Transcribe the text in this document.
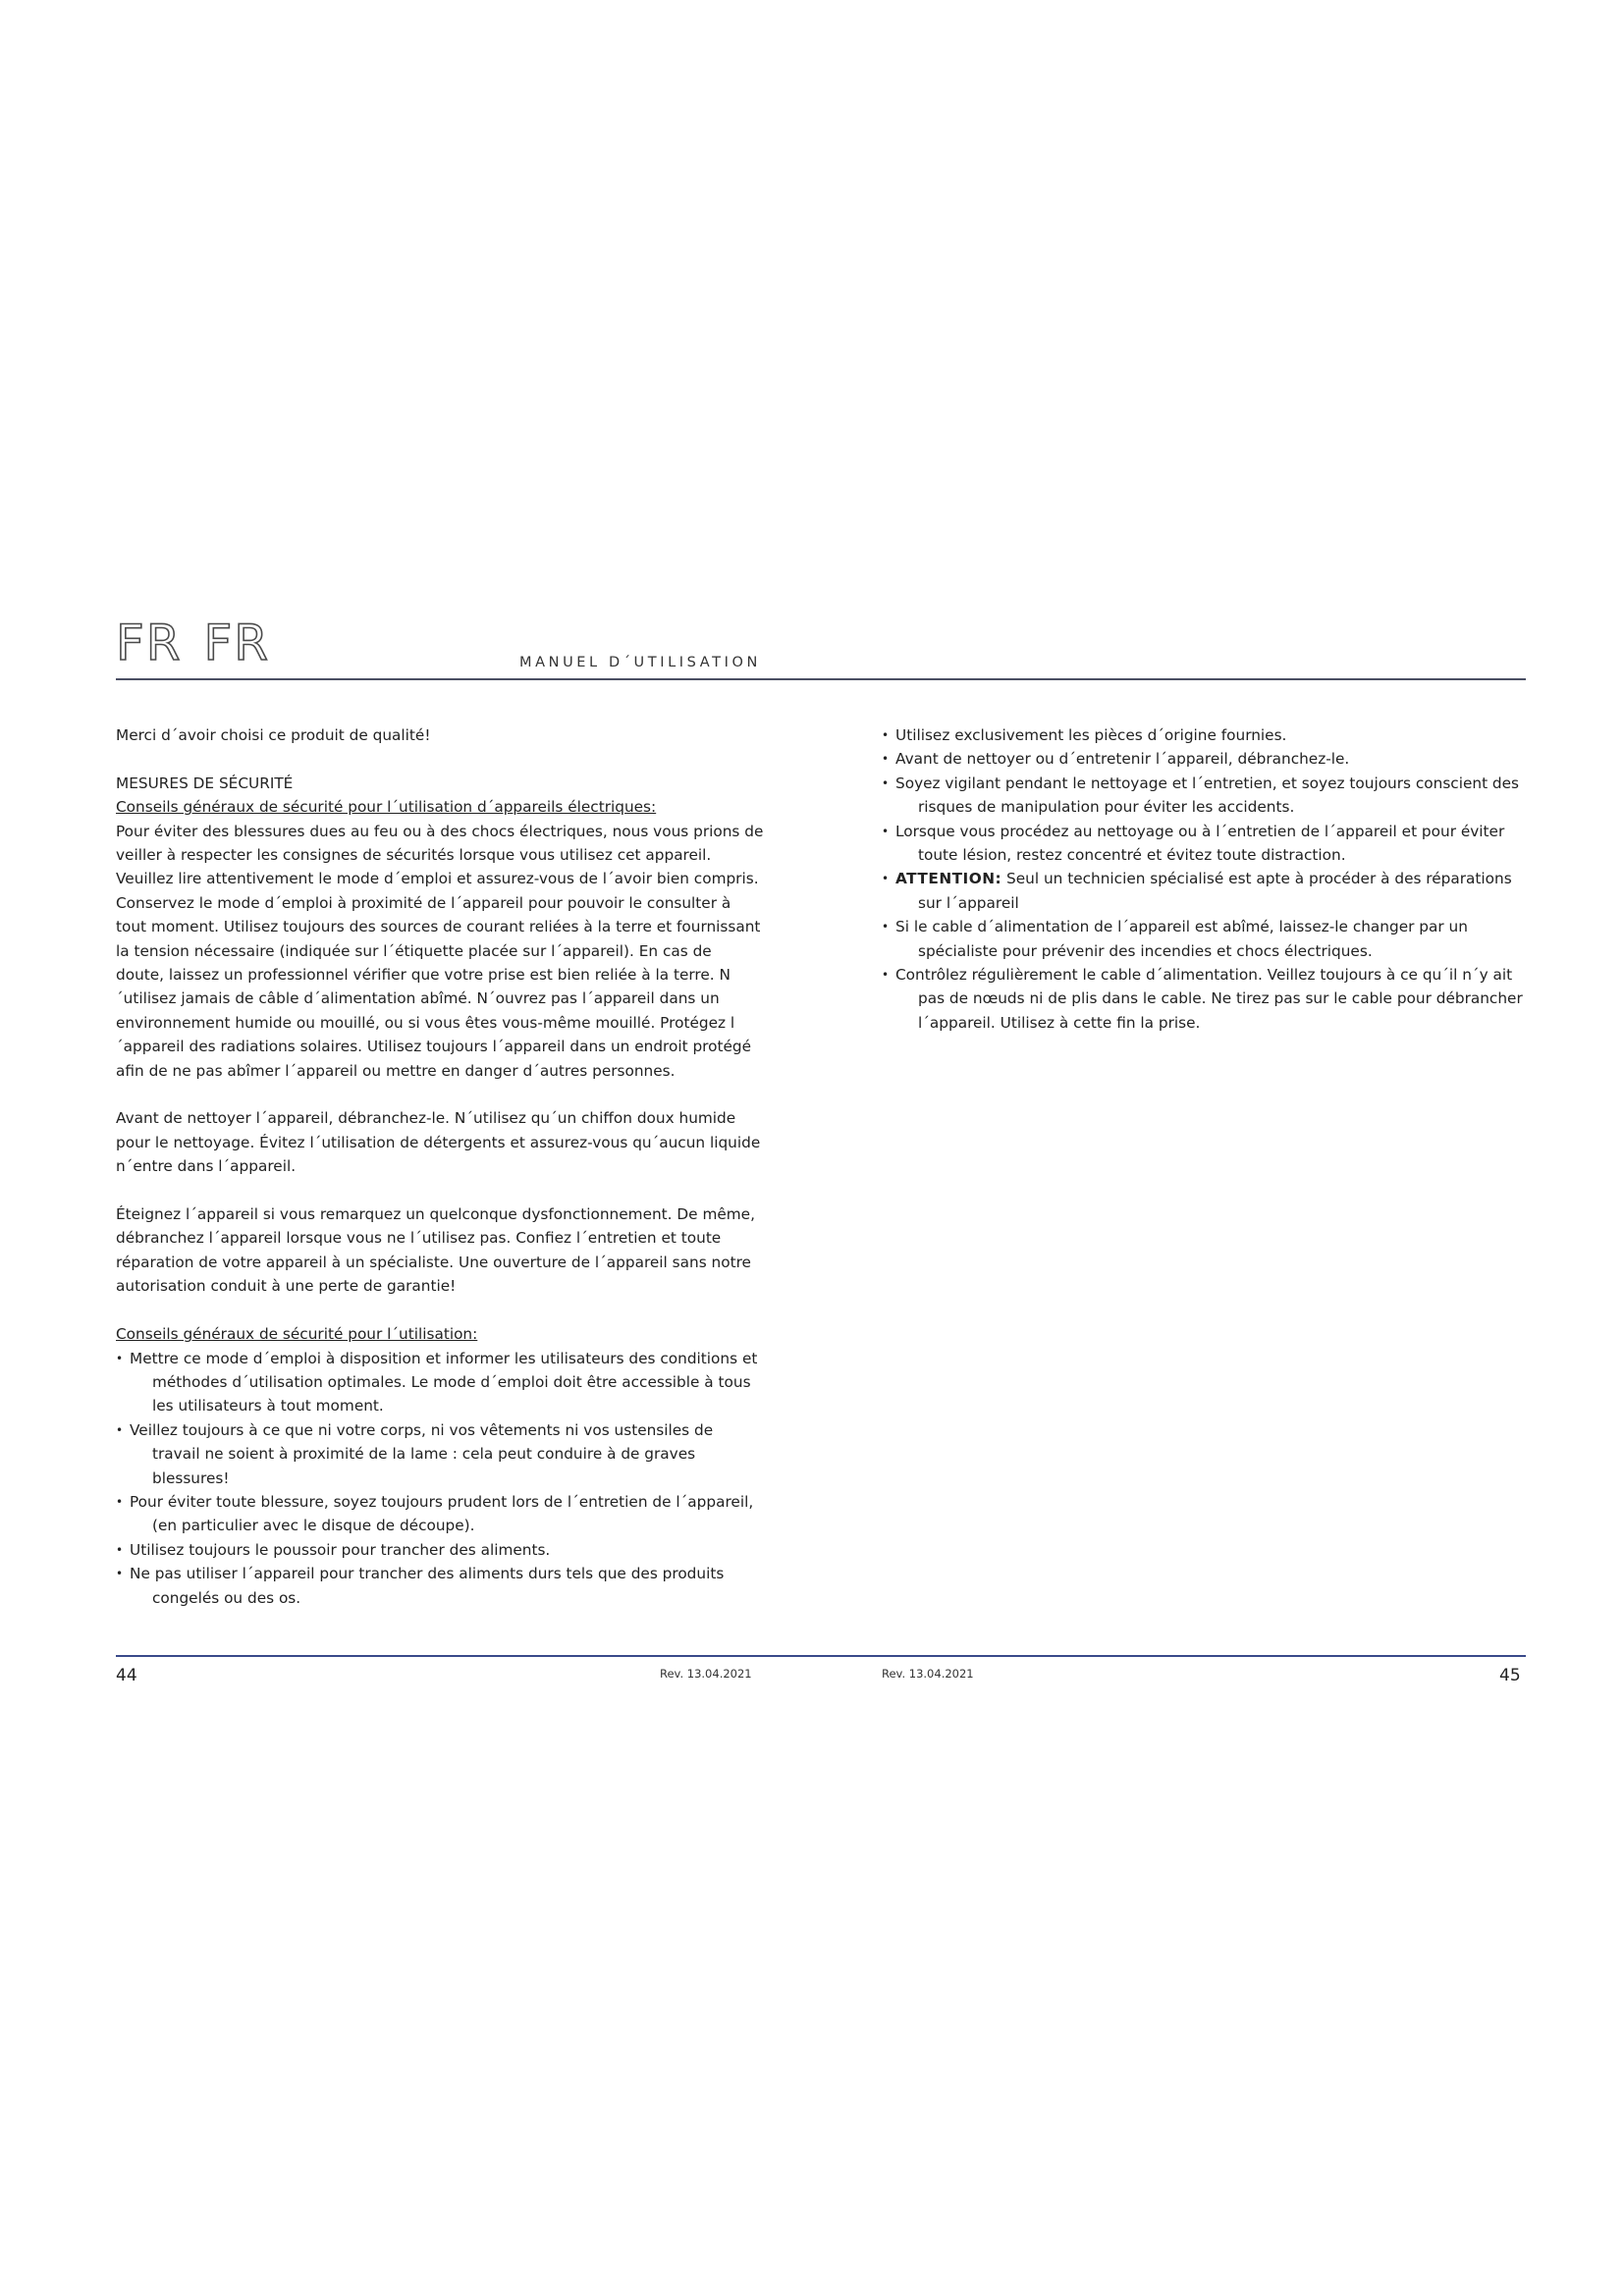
FR FR	MANUEL D´UTILISATION

Merci d´avoir choisi ce produit de qualité!

MESURES DE SÉCURITÉ

Conseils généraux de sécurité pour l´utilisation d´appareils électriques:

Pour éviter des blessures dues au feu ou à des chocs électriques, nous vous prions de veiller à respecter les consignes de sécurités lorsque vous utilisez cet appareil. Veuillez lire attentivement le mode d´emploi et assurez-vous de l´avoir bien compris. Conservez le mode d´emploi à proximité de l´appareil pour pouvoir le consulter à tout moment. Utilisez toujours des sources de courant reliées à la terre et fournissant la tension nécessaire (indiquée sur l´étiquette placée sur l´appareil). En cas de doute, laissez un professionnel vérifier que votre prise est bien reliée à la terre. N´utilisez jamais de câble d´alimentation abîmé. N´ouvrez pas l´appareil dans un environnement humide ou mouillé, ou si vous êtes vous-même mouillé. Protégez l´appareil des radiations solaires. Utilisez toujours l´appareil dans un endroit protégé afin de ne pas abîmer l´appareil ou mettre en danger d´autres personnes.

Avant de nettoyer l´appareil, débranchez-le. N´utilisez qu´un chiffon doux humide pour le nettoyage. Évitez l´utilisation de détergents et assurez-vous qu´aucun liquide n´entre dans l´appareil.

Éteignez l´appareil si vous remarquez un quelconque dysfonctionnement. De même, débranchez l´appareil lorsque vous ne l´utilisez pas. Confiez l´entretien et toute réparation de votre appareil à un spécialiste. Une ouverture de l´appareil sans notre autorisation conduit à une perte de garantie!

Conseils généraux de sécurité pour l´utilisation:

• Mettre ce mode d´emploi à disposition et informer les utilisateurs des conditions et méthodes d´utilisation optimales. Le mode d´emploi doit être accessible à tous les utilisateurs à tout moment.
• Veillez toujours à ce que ni votre corps, ni vos vêtements ni vos ustensiles de travail ne soient à proximité de la lame : cela peut conduire à de graves blessures!
• Pour éviter toute blessure, soyez toujours prudent lors de l´entretien de l´appareil, (en particulier avec le disque de découpe).
• Utilisez toujours le poussoir pour trancher des aliments.
• Ne pas utiliser l´appareil pour trancher des aliments durs tels que des produits congelés ou des os.
• Utilisez exclusivement les pièces d´origine fournies.
• Avant de nettoyer ou d´entretenir l´appareil, débranchez-le.
• Soyez vigilant pendant le nettoyage et l´entretien, et soyez toujours conscient des risques de manipulation pour éviter les accidents.
• Lorsque vous procédez au nettoyage ou à l´entretien de l´appareil et pour éviter toute lésion, restez concentré et évitez toute distraction.
• ATTENTION: Seul un technicien spécialisé est apte à procéder à des réparations sur l´appareil
• Si le cable d´alimentation de l´appareil est abîmé, laissez-le changer par un spécialiste pour prévenir des incendies et chocs électriques.
• Contrôlez régulièrement le cable d´alimentation. Veillez toujours à ce qu´il n´y ait pas de nœuds ni de plis dans le cable. Ne tirez pas sur le cable pour débrancher l´appareil. Utilisez à cette fin la prise.
44	Rev. 13.04.2021	Rev. 13.04.2021	45
